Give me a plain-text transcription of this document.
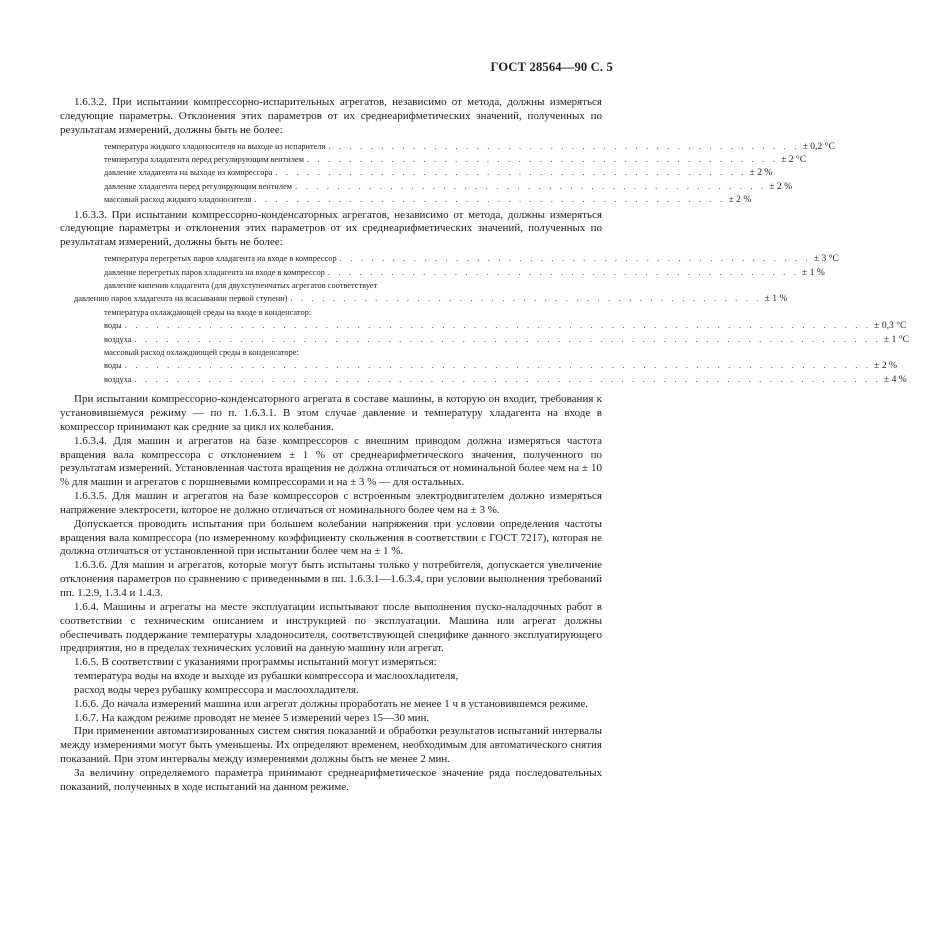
ГОСТ 28564—90 С. 5

1.6.3.2. При испытании компрессорно-испарительных агрегатов, независимо от метода, должны измеряться следующие параметры. Отклонения этих параметров от их среднеарифметических значений, полученных по результатам измерений, должны быть не более:

температура жидкого хладоносителя на выходе из испарителя . . . . . . . . . . . . . . . . . . . . . . . . . . . . . . . . . . . . . . . . . . . . . ± 0,2 °С
температура хладагента перед регулирующим вентилем . . . . . . . . . . . . . . . . . . . . . . . . . . . . . . . . . . . . . . . . . . . . . ± 2 °С
давление хладагента на выходе из компрессора . . . . . . . . . . . . . . . . . . . . . . . . . . . . . . . . . . . . . . . . . . . . . ± 2 %
давление хладагента перед регулирующим вентилем . . . . . . . . . . . . . . . . . . . . . . . . . . . . . . . . . . . . . . . . . . . . . ± 2 %
массовый расход жидкого хладоносителя . . . . . . . . . . . . . . . . . . . . . . . . . . . . . . . . . . . . . . . . . . . . . ± 2 %

1.6.3.3. При испытании компрессорно-конденсаторных агрегатов, независимо от метода, должны измеряться следующие параметры и отклонения этих параметров от их среднеарифметических значений, полученных по результатам измерений, должны быть не более:

температура перегретых паров хладагента на входе в компрессор . . . . . . . . . . . . . . . . . . . . . . . . . . . . . . . . . . . . . . . . . . . . . ± 3 °С
давление перегретых паров хладагента на входе в компрессор . . . . . . . . . . . . . . . . . . . . . . . . . . . . . . . . . . . . . . . . . . . . . ± 1 %
давление кипения хладагента (для двухступенчатых агрегатов соответствует
давлению паров хладагента на всасывании первой ступени) . . . . . . . . . . . . . . . . . . . . . . . . . . . . . . . . . . . . . . . . . . . . . ± 1 %
температура охлаждающей среды на входе в конденсатор:
воды . . . . . . . . . . . . . . . . . . . . . . . . . . . . . . . . . . . . . . . . . . . . . . . . . . . . . . . . . . . . . . . . . . . . . . . ± 0,3 °С
воздуха . . . . . . . . . . . . . . . . . . . . . . . . . . . . . . . . . . . . . . . . . . . . . . . . . . . . . . . . . . . . . . . . . . . . . . . ± 1 °С
массовый расход охлаждающей среды в конденсаторе:
воды . . . . . . . . . . . . . . . . . . . . . . . . . . . . . . . . . . . . . . . . . . . . . . . . . . . . . . . . . . . . . . . . . . . . . . . ± 2 %
воздуха . . . . . . . . . . . . . . . . . . . . . . . . . . . . . . . . . . . . . . . . . . . . . . . . . . . . . . . . . . . . . . . . . . . . . . . ± 4 %

При испытании компрессорно-конденсаторного агрегата в составе машины, в которую он входит, требования к установившемуся режиму — по п. 1.6.3.1. В этом случае давление и температуру хладагента на входе в компрессор принимают как средние за цикл их колебания.

1.6.3.4. Для машин и агрегатов на базе компрессоров с внешним приводом должна измеряться частота вращения вала компрессора с отклонением ± 1 % от среднеарифметического значения, полученного по результатам измерений. Установленная частота вращения не должна отличаться от номинальной более чем на ± 10 % для машин и агрегатов с поршневыми компрессорами и на ± 3 % — для остальных.

1.6.3.5. Для машин и агрегатов на базе компрессоров с встроенным электродвигателем должно измеряться напряжение электросети, которое не должно отличаться от номинального более чем на ± 3 %.

Допускается проводить испытания при большем колебании напряжения при условии определения частоты вращения вала компрессора (по измеренному коэффициенту скольжения в соответствии с ГОСТ 7217), которая не должна отличаться от установленной при испытании более чем на ± 1 %.

1.6.3.6. Для машин и агрегатов, которые могут быть испытаны только у потребителя, допускается увеличение отклонения параметров по сравнению с приведенными в пп. 1.6.3.1—1.6.3.4, при условии выполнения требований пп. 1.2.9, 1.3.4 и 1.4.3.

1.6.4. Машины и агрегаты на месте эксплуатации испытывают после выполнения пуско-наладочных работ в соответствии с техническим описанием и инструкцией по эксплуатации. Машина или агрегат должны обеспечивать поддержание температуры хладоносителя, соответствующей специфике данного эксплуатирующего предприятия, но в пределах технических условий на данную машину или агрегат.

1.6.5. В соответствии с указаниями программы испытаний могут измеряться:

температура воды на входе и выходе из рубашки компрессора и маслоохладителя,

расход воды через рубашку компрессора и маслоохладителя.

1.6.6. До начала измерений машина или агрегат должны проработать не менее 1 ч в установившемся режиме.

1.6.7. На каждом режиме проводят не менее 5 измерений через 15—30 мин.

При применении автоматизированных систем снятия показаний и обработки результатов испытаний интервалы между измерениями могут быть уменьшены. Их определяют временем, необходимым для автоматического снятия показаний. При этом интервалы между измерениями должны быть не менее 2 мин.

За величину определяемого параметра принимают среднеарифметическое значение ряда последовательных показаний, полученных в ходе испытаний на данном режиме.
